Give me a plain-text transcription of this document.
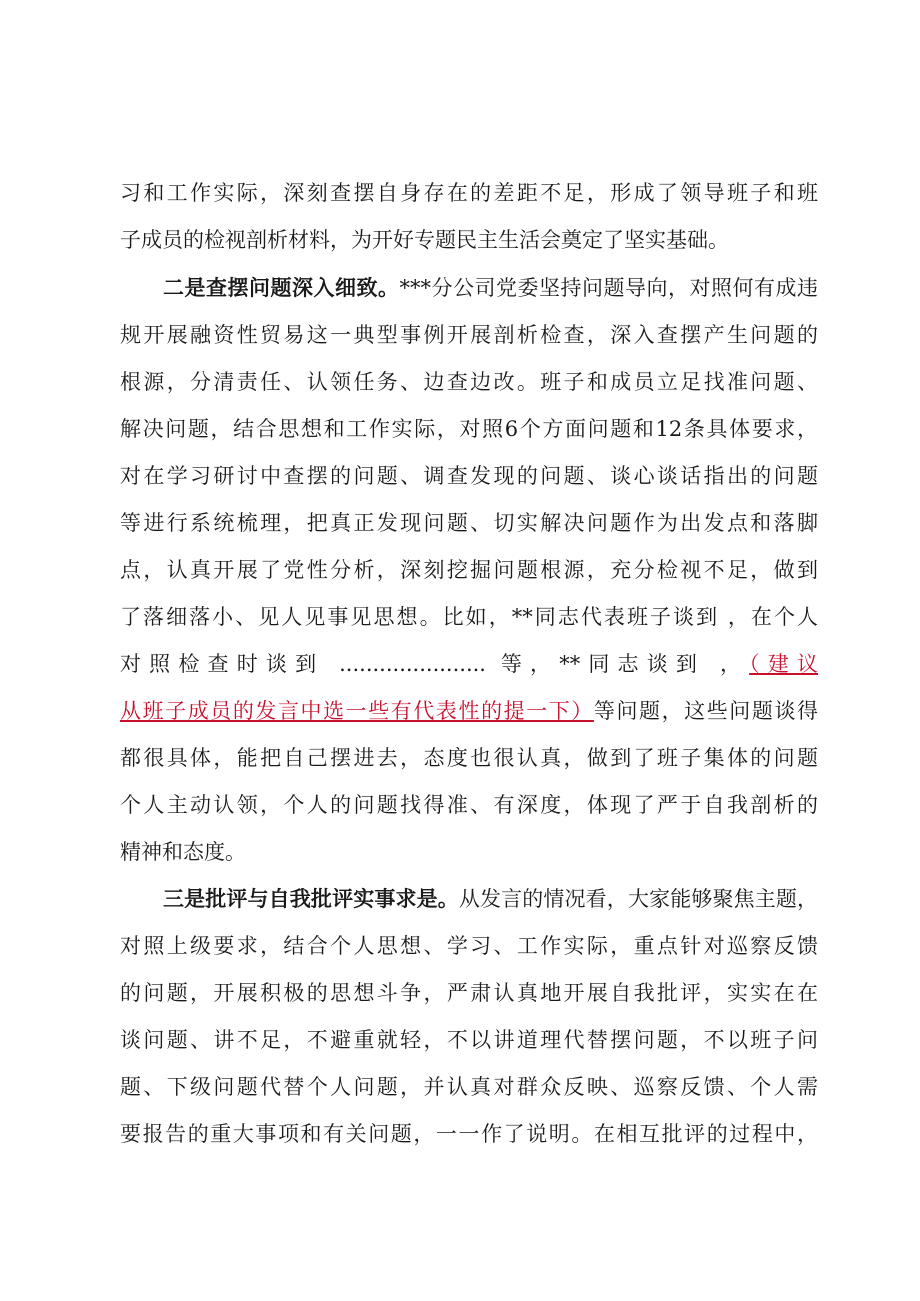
习和工作实际，深刻查摆自身存在的差距不足，形成了领导班子和班
子成员的检视剖析材料，为开好专题民主生活会奠定了坚实基础。
二是查摆问题深入细致。***分公司党委坚持问题导向，对照何有成违
规开展融资性贸易这一典型事例开展剖析检查，深入查摆产生问题的
根源，分清责任、认领任务、边查边改。班子和成员立足找准问题、
解决问题，结合思想和工作实际，对照6个方面问题和12条具体要求，
对在学习研讨中查摆的问题、调查发现的问题、谈心谈话指出的问题
等进行系统梳理，把真正发现问题、切实解决问题作为出发点和落脚
点，认真开展了党性分析，深刻挖掘问题根源，充分检视不足，做到
了落细落小、见人见事见思想。比如，**同志代表班子谈到 ，在个人
对照检查时谈到 ...................... 等，**同志谈到 ，（建议
从班子成员的发言中选一些有代表性的提一下）等问题，这些问题谈得
都很具体，能把自己摆进去，态度也很认真，做到了班子集体的问题
个人主动认领，个人的问题找得准、有深度，体现了严于自我剖析的
精神和态度。
三是批评与自我批评实事求是。从发言的情况看，大家能够聚焦主题，
对照上级要求，结合个人思想、学习、工作实际，重点针对巡察反馈
的问题，开展积极的思想斗争，严肃认真地开展自我批评，实实在在
谈问题、讲不足，不避重就轻，不以讲道理代替摆问题，不以班子问
题、下级问题代替个人问题，并认真对群众反映、巡察反馈、个人需
要报告的重大事项和有关问题，一一作了说明。在相互批评的过程中，
